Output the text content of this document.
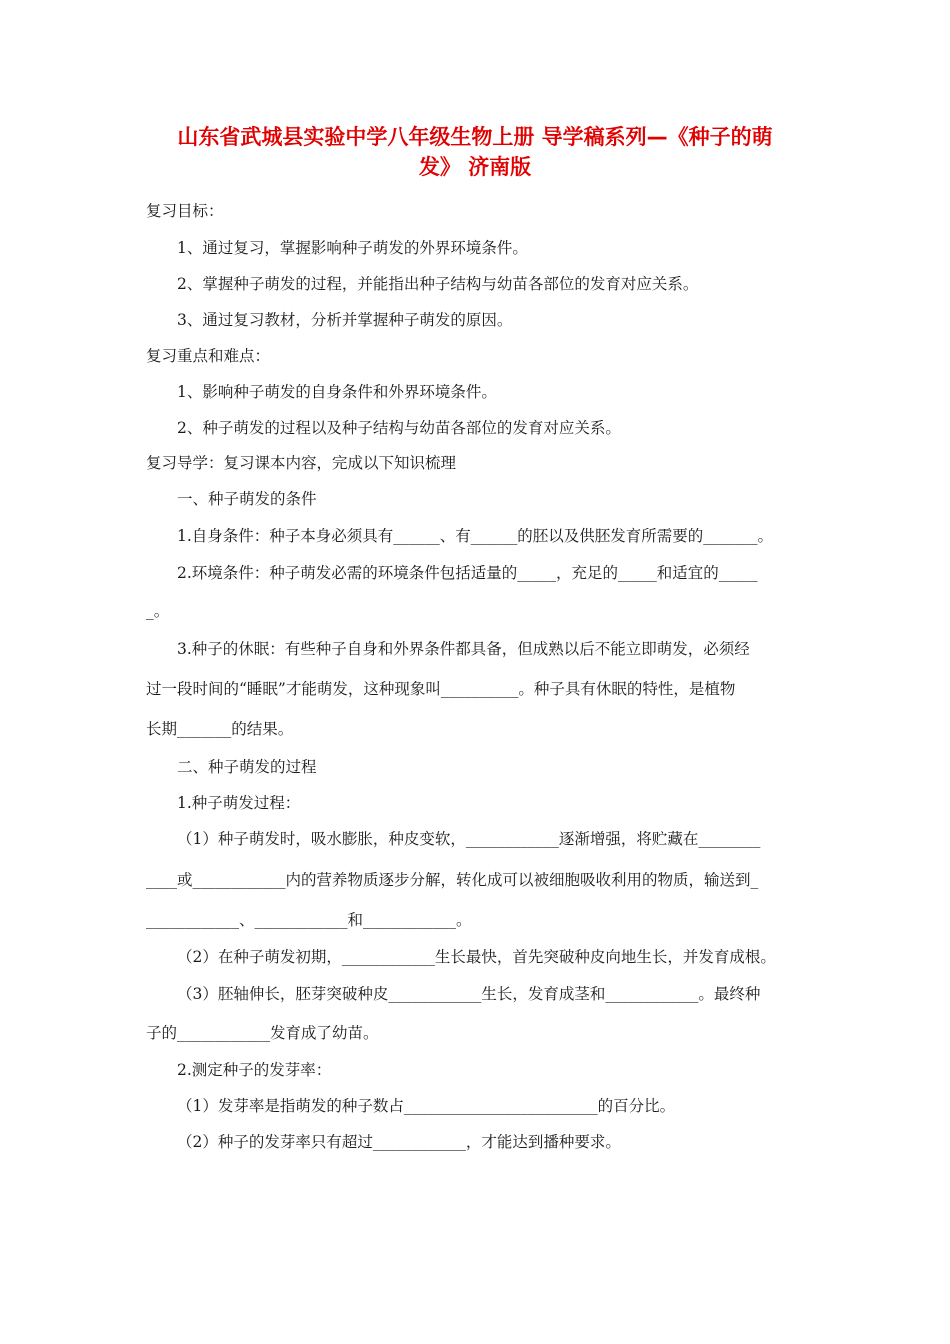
山东省武城县实验中学八年级生物上册 导学稿系列—《种子的萌
发》 济南版
复习目标：
1、通过复习，掌握影响种子萌发的外界环境条件。
2、掌握种子萌发的过程，并能指出种子结构与幼苗各部位的发育对应关系。
3、通过复习教材，分析并掌握种子萌发的原因。
复习重点和难点：
1、影响种子萌发的自身条件和外界环境条件。
2、种子萌发的过程以及种子结构与幼苗各部位的发育对应关系。
复习导学：复习课本内容，完成以下知识梳理
一、种子萌发的条件
1.自身条件：种子本身必须具有______、有______的胚以及供胚发育所需要的_______。
2.环境条件：种子萌发必需的环境条件包括适量的_____，充足的_____和适宜的_____
_。
3.种子的休眠：有些种子自身和外界条件都具备，但成熟以后不能立即萌发，必须经
过一段时间的“睡眠”才能萌发，这种现象叫__________。种子具有休眠的特性，是植物
长期_______的结果。
二、种子萌发的过程
1.种子萌发过程：
（1）种子萌发时，吸水膨胀，种皮变软，____________逐渐增强，将贮藏在________
____或____________内的营养物质逐步分解，转化成可以被细胞吸收利用的物质，输送到_
____________、____________和____________。
（2）在种子萌发初期，____________生长最快，首先突破种皮向地生长，并发育成根。
（3）胚轴伸长，胚芽突破种皮____________生长，发育成茎和____________。最终种
子的____________发育成了幼苗。
2.测定种子的发芽率：
（1）发芽率是指萌发的种子数占_________________________的百分比。
（2）种子的发芽率只有超过____________，才能达到播种要求。
